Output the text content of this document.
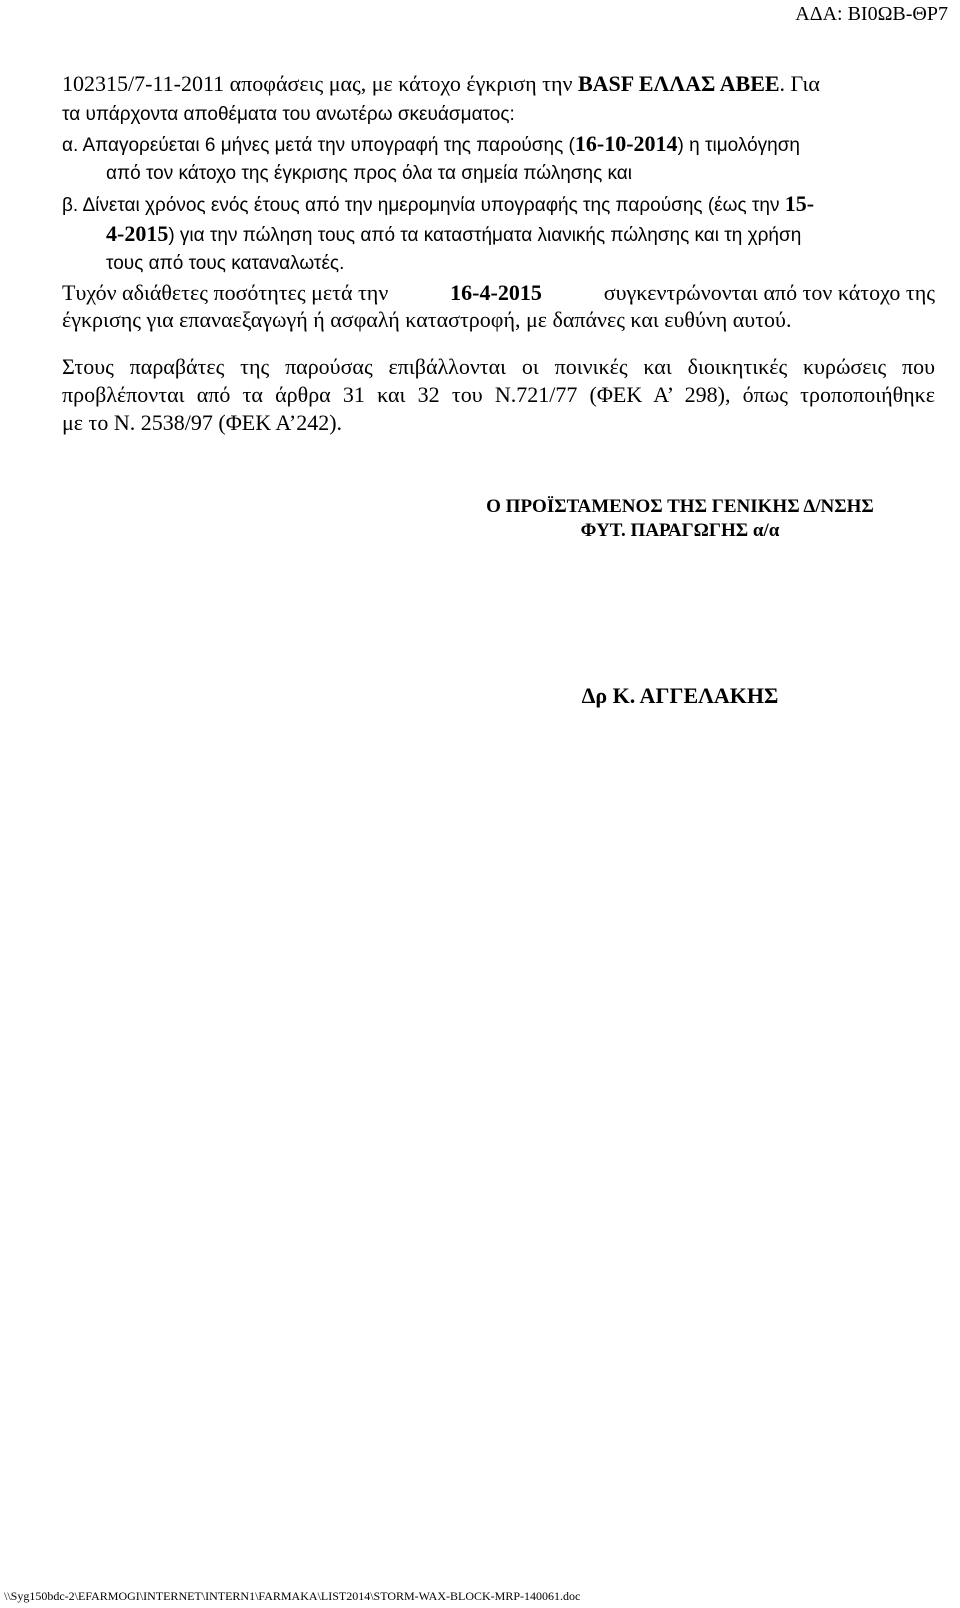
ΑΔΑ: ΒΙ0ΩΒ-ΘΡ7
102315/7-11-2011 αποφάσεις μας, με κάτοχο έγκριση την BASF ΕΛΛΑΣ ΑΒΕΕ. Για
τα υπάρχοντα αποθέματα του ανωτέρω σκευάσματος:
α. Απαγορεύεται 6 μήνες μετά την υπογραφή της παρούσης (16-10-2014) η τιμολόγηση
από τον κάτοχο της έγκρισης προς όλα τα σημεία πώλησης και
β. Δίνεται χρόνος ενός έτους από την ημερομηνία υπογραφής της παρούσης (έως την 15-
4-2015) για την πώληση τους από τα καταστήματα λιανικής πώλησης και τη χρήση
τους από τους καταναλωτές.
Τυχόν αδιάθετες ποσότητες μετά την	16-4-2015	συγκεντρώνονται από τον κάτοχο της
έγκρισης για επαναεξαγωγή ή ασφαλή καταστροφή, με δαπάνες και ευθύνη αυτού.
Στους παραβάτες της παρούσας επιβάλλονται οι ποινικές και διοικητικές κυρώσεις που
προβλέπονται από τα άρθρα 31 και 32 του Ν.721/77 (ΦΕΚ Α’ 298), όπως τροποποιήθηκε
με το Ν. 2538/97 (ΦΕΚ Α’242).
Ο ΠΡΟΪΣΤΑΜΕΝΟΣ ΤΗΣ ΓΕΝΙΚΗΣ Δ/ΝΣΗΣ
ΦΥΤ. ΠΑΡΑΓΩΓΗΣ α/α
Δρ Κ. ΑΓΓΕΛΑΚΗΣ
\\Syg150bdc-2\EFARMOGI\INTERNET\INTERN1\FARMAKA\LIST2014\STORM-WAX-BLOCK-MRP-140061.doc
